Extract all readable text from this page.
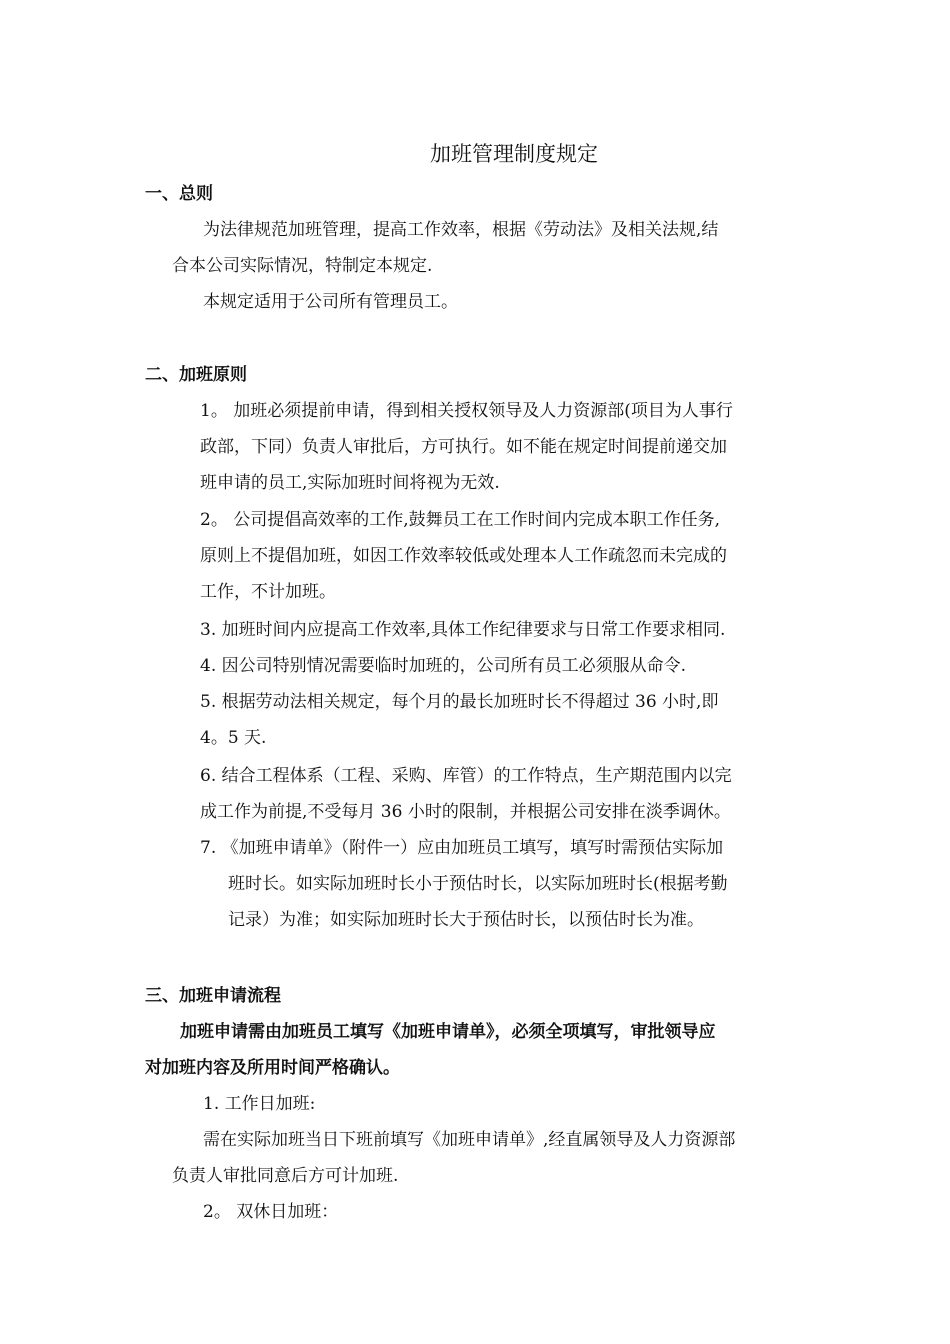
加班管理制度规定
一、总则
为法律规范加班管理，提高工作效率，根据《劳动法》及相关法规,结
合本公司实际情况，特制定本规定.
本规定适用于公司所有管理员工。
二、加班原则
1。 加班必须提前申请，得到相关授权领导及人力资源部(项目为人事行
政部，下同）负责人审批后，方可执行。如不能在规定时间提前递交加
班申请的员工,实际加班时间将视为无效.
2。 公司提倡高效率的工作,鼓舞员工在工作时间内完成本职工作任务,
原则上不提倡加班，如因工作效率较低或处理本人工作疏忽而未完成的
工作，不计加班。
3. 加班时间内应提高工作效率,具体工作纪律要求与日常工作要求相同.
4. 因公司特别情况需要临时加班的，公司所有员工必须服从命令.
5. 根据劳动法相关规定，每个月的最长加班时长不得超过 36 小时,即
4。5 天.
6. 结合工程体系（工程、采购、库管）的工作特点，生产期范围内以完
成工作为前提,不受每月 36 小时的限制，并根据公司安排在淡季调休。
7. 《加班申请单》（附件一）应由加班员工填写，填写时需预估实际加
班时长。如实际加班时长小于预估时长，以实际加班时长(根据考勤
记录）为准；如实际加班时长大于预估时长，以预估时长为准。
三、加班申请流程
加班申请需由加班员工填写《加班申请单》，必须全项填写，审批领导应
对加班内容及所用时间严格确认。
1. 工作日加班:
需在实际加班当日下班前填写《加班申请单》,经直属领导及人力资源部
负责人审批同意后方可计加班.
2。 双休日加班：
